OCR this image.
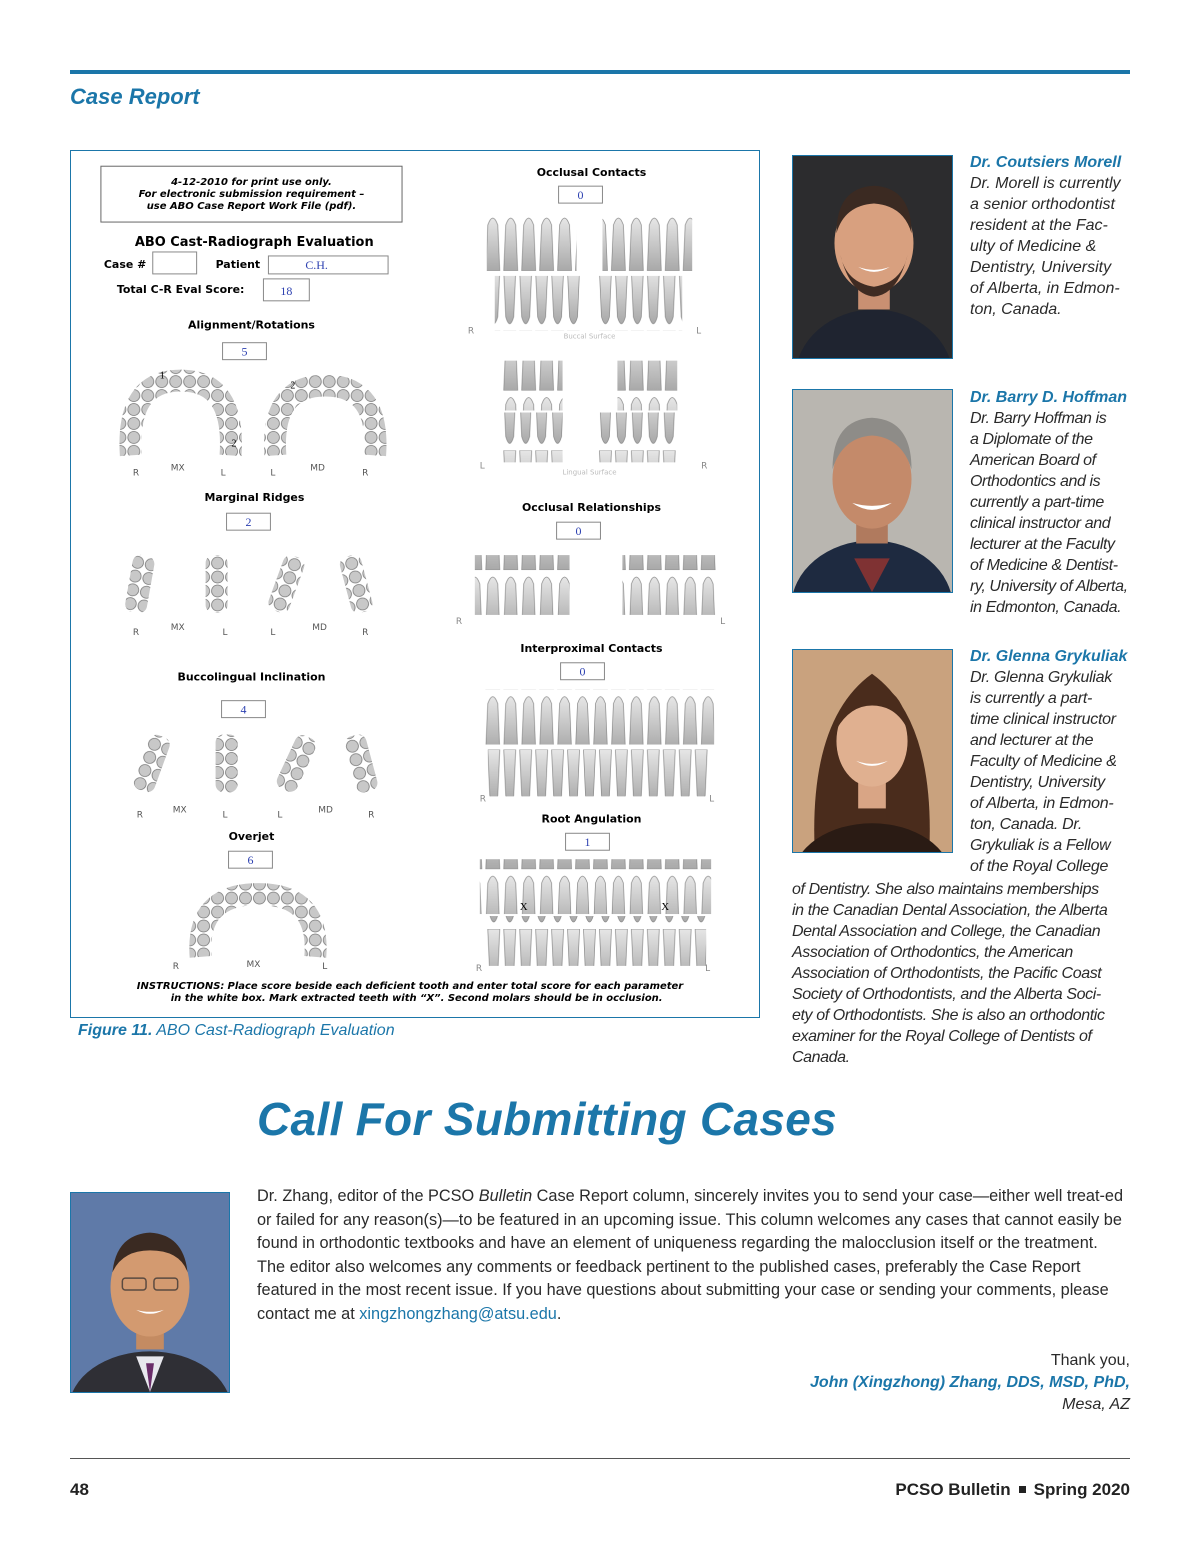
Case Report
4-12-2010 for print use only.
For electronic submission requirement –
use ABO Case Report Work File (pdf).
ABO Cast-Radiograph Evaluation
Case #	Patient	C.H.
Total C-R Eval Score:	18
Alignment/Rotations
5
1
2
2
R	MX	L	L	MD	R
Marginal Ridges
2
R	MX	L	L	MD	R
Buccolingual Inclination
4
R	MX	L	L	MD	R
Overjet
6
R	MX	L
Occlusal Contacts
0
R	L
Buccal Surface
L	R
Lingual Surface
Occlusal Relationships
0
R	L
Interproximal Contacts
0
R	L
Root Angulation
1
X	X
R	L
INSTRUCTIONS: Place score beside each deficient tooth and enter total score for each parameter
in the white box. Mark extracted teeth with “X”. Second molars should be in occlusion.
Figure 11. ABO Cast-Radiograph Evaluation
Dr. Coutsiers Morell
Dr. Morell is currently
a senior orthodontist
resident at the Fac-
ulty of Medicine &
Dentistry, University
of Alberta, in Edmon-
ton, Canada.
Dr. Barry D. Hoffman
Dr. Barry Hoffman is
a Diplomate of the
American Board of
Orthodontics and is
currently a part-time
clinical instructor and
lecturer at the Faculty
of Medicine & Dentist-
ry, University of Alberta,
in Edmonton, Canada.
Dr. Glenna Grykuliak
Dr. Glenna Grykuliak
is currently a part-
time clinical instructor
and lecturer at the
Faculty of Medicine &
Dentistry, University
of Alberta, in Edmon-
ton, Canada. Dr.
Grykuliak is a Fellow
of the Royal College
of Dentistry. She also maintains memberships
in the Canadian Dental Association, the Alberta
Dental Association and College, the Canadian
Association of Orthodontics, the American
Association of Orthodontists, the Pacific Coast
Society of Orthodontists, and the Alberta Soci-
ety of Orthodontists. She is also an orthodontic
examiner for the Royal College of Dentists of
Canada.
Call For Submitting Cases
Dr. Zhang, editor of the PCSO Bulletin Case Report column, sincerely invites you to send your case—either well treat-ed or failed for any reason(s)—to be featured in an upcoming issue. This column welcomes any cases that cannot easily be found in orthodontic textbooks and have an element of uniqueness regarding the malocclusion itself or the treatment. The editor also welcomes any comments or feedback pertinent to the published cases, preferably the Case Report featured in the most recent issue. If you have questions about submitting your case or sending your comments, please contact me at xingzhongzhang@atsu.edu.
Thank you,
John (Xingzhong) Zhang, DDS, MSD, PhD,
Mesa, AZ
48	PCSO Bulletin Spring 2020
